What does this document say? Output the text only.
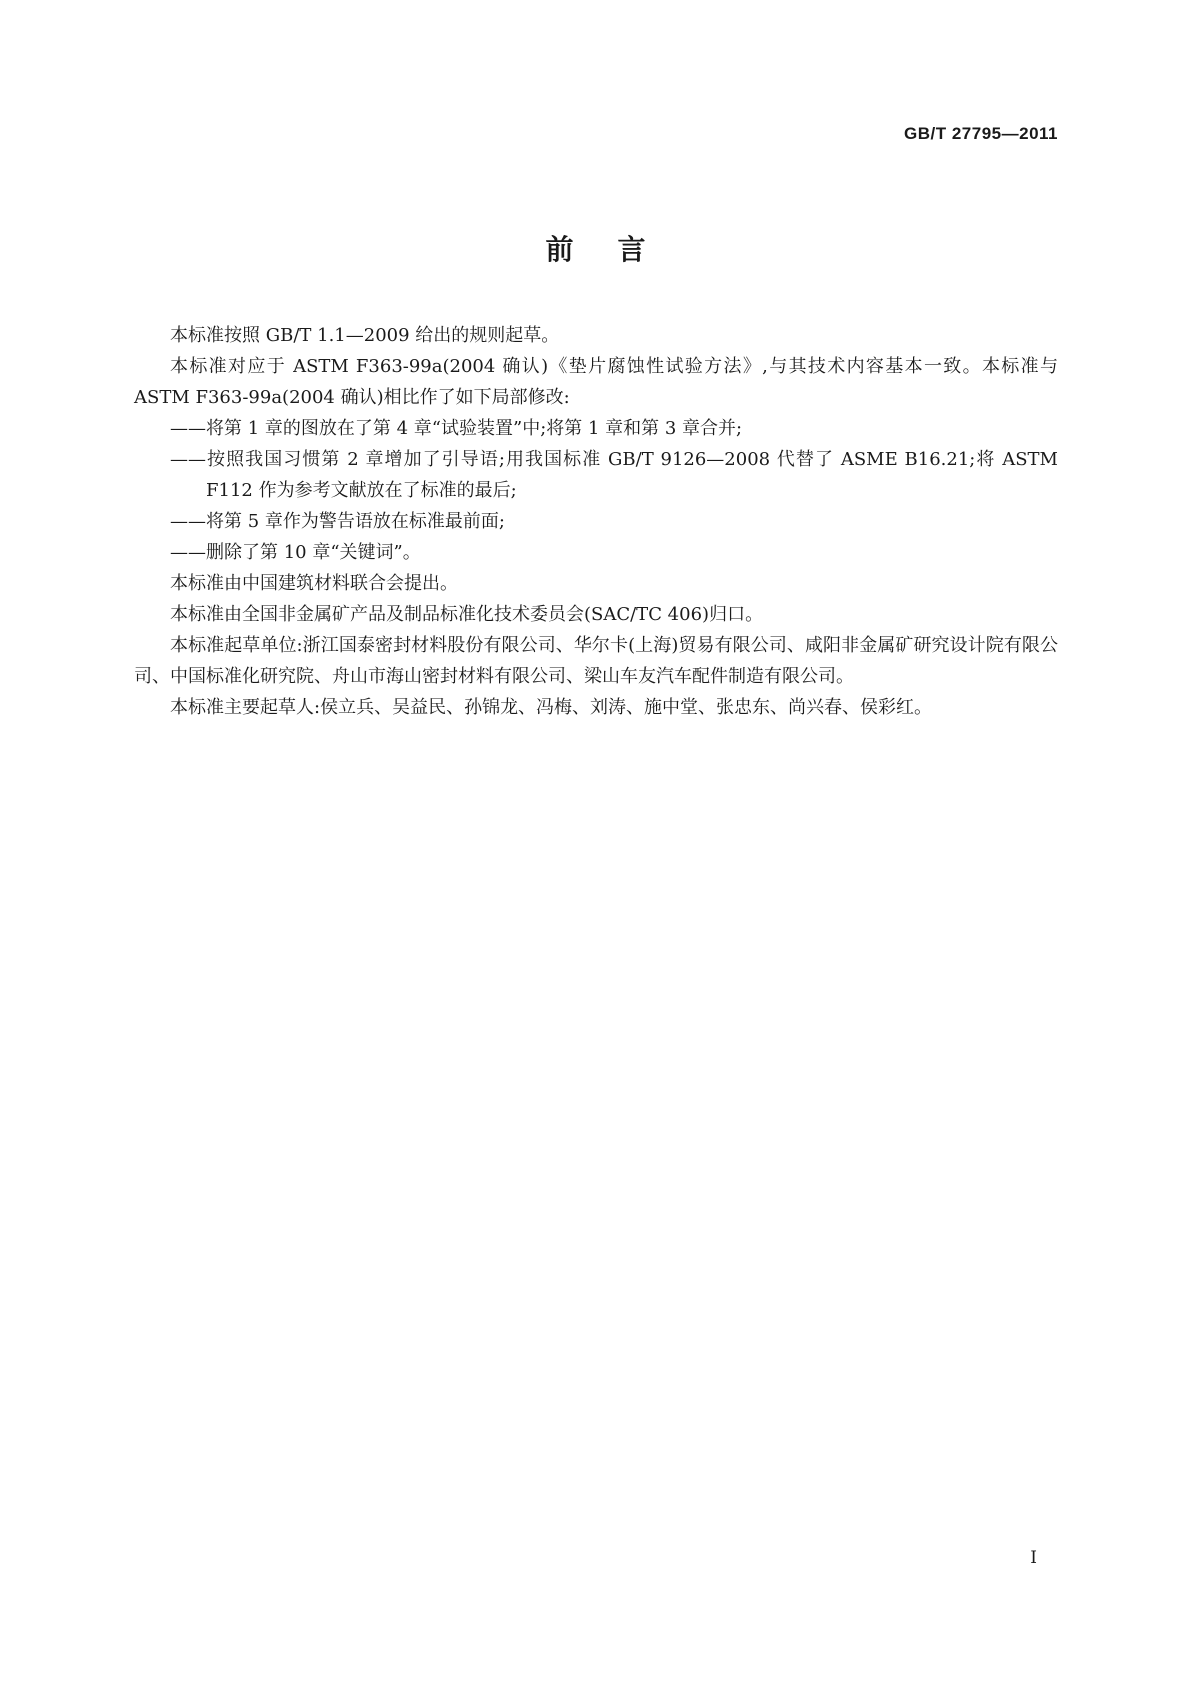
GB/T 27795—2011
前言

本标准按照 GB/T 1.1—2009 给出的规则起草。

本标准对应于 ASTM F363-99a(2004 确认)《垫片腐蚀性试验方法》,与其技术内容基本一致。本标准与 ASTM F363-99a(2004 确认)相比作了如下局部修改:

——将第 1 章的图放在了第 4 章“试验装置”中;将第 1 章和第 3 章合并;

——按照我国习惯第 2 章增加了引导语;用我国标准 GB/T 9126—2008 代替了 ASME B16.21;将 ASTM F112 作为参考文献放在了标准的最后;

——将第 5 章作为警告语放在标准最前面;

——删除了第 10 章“关键词”。

本标准由中国建筑材料联合会提出。

本标准由全国非金属矿产品及制品标准化技术委员会(SAC/TC 406)归口。

本标准起草单位:浙江国泰密封材料股份有限公司、华尔卡(上海)贸易有限公司、咸阳非金属矿研究设计院有限公司、中国标准化研究院、舟山市海山密封材料有限公司、梁山车友汽车配件制造有限公司。

本标准主要起草人:侯立兵、吴益民、孙锦龙、冯梅、刘涛、施中堂、张忠东、尚兴春、侯彩红。

I
